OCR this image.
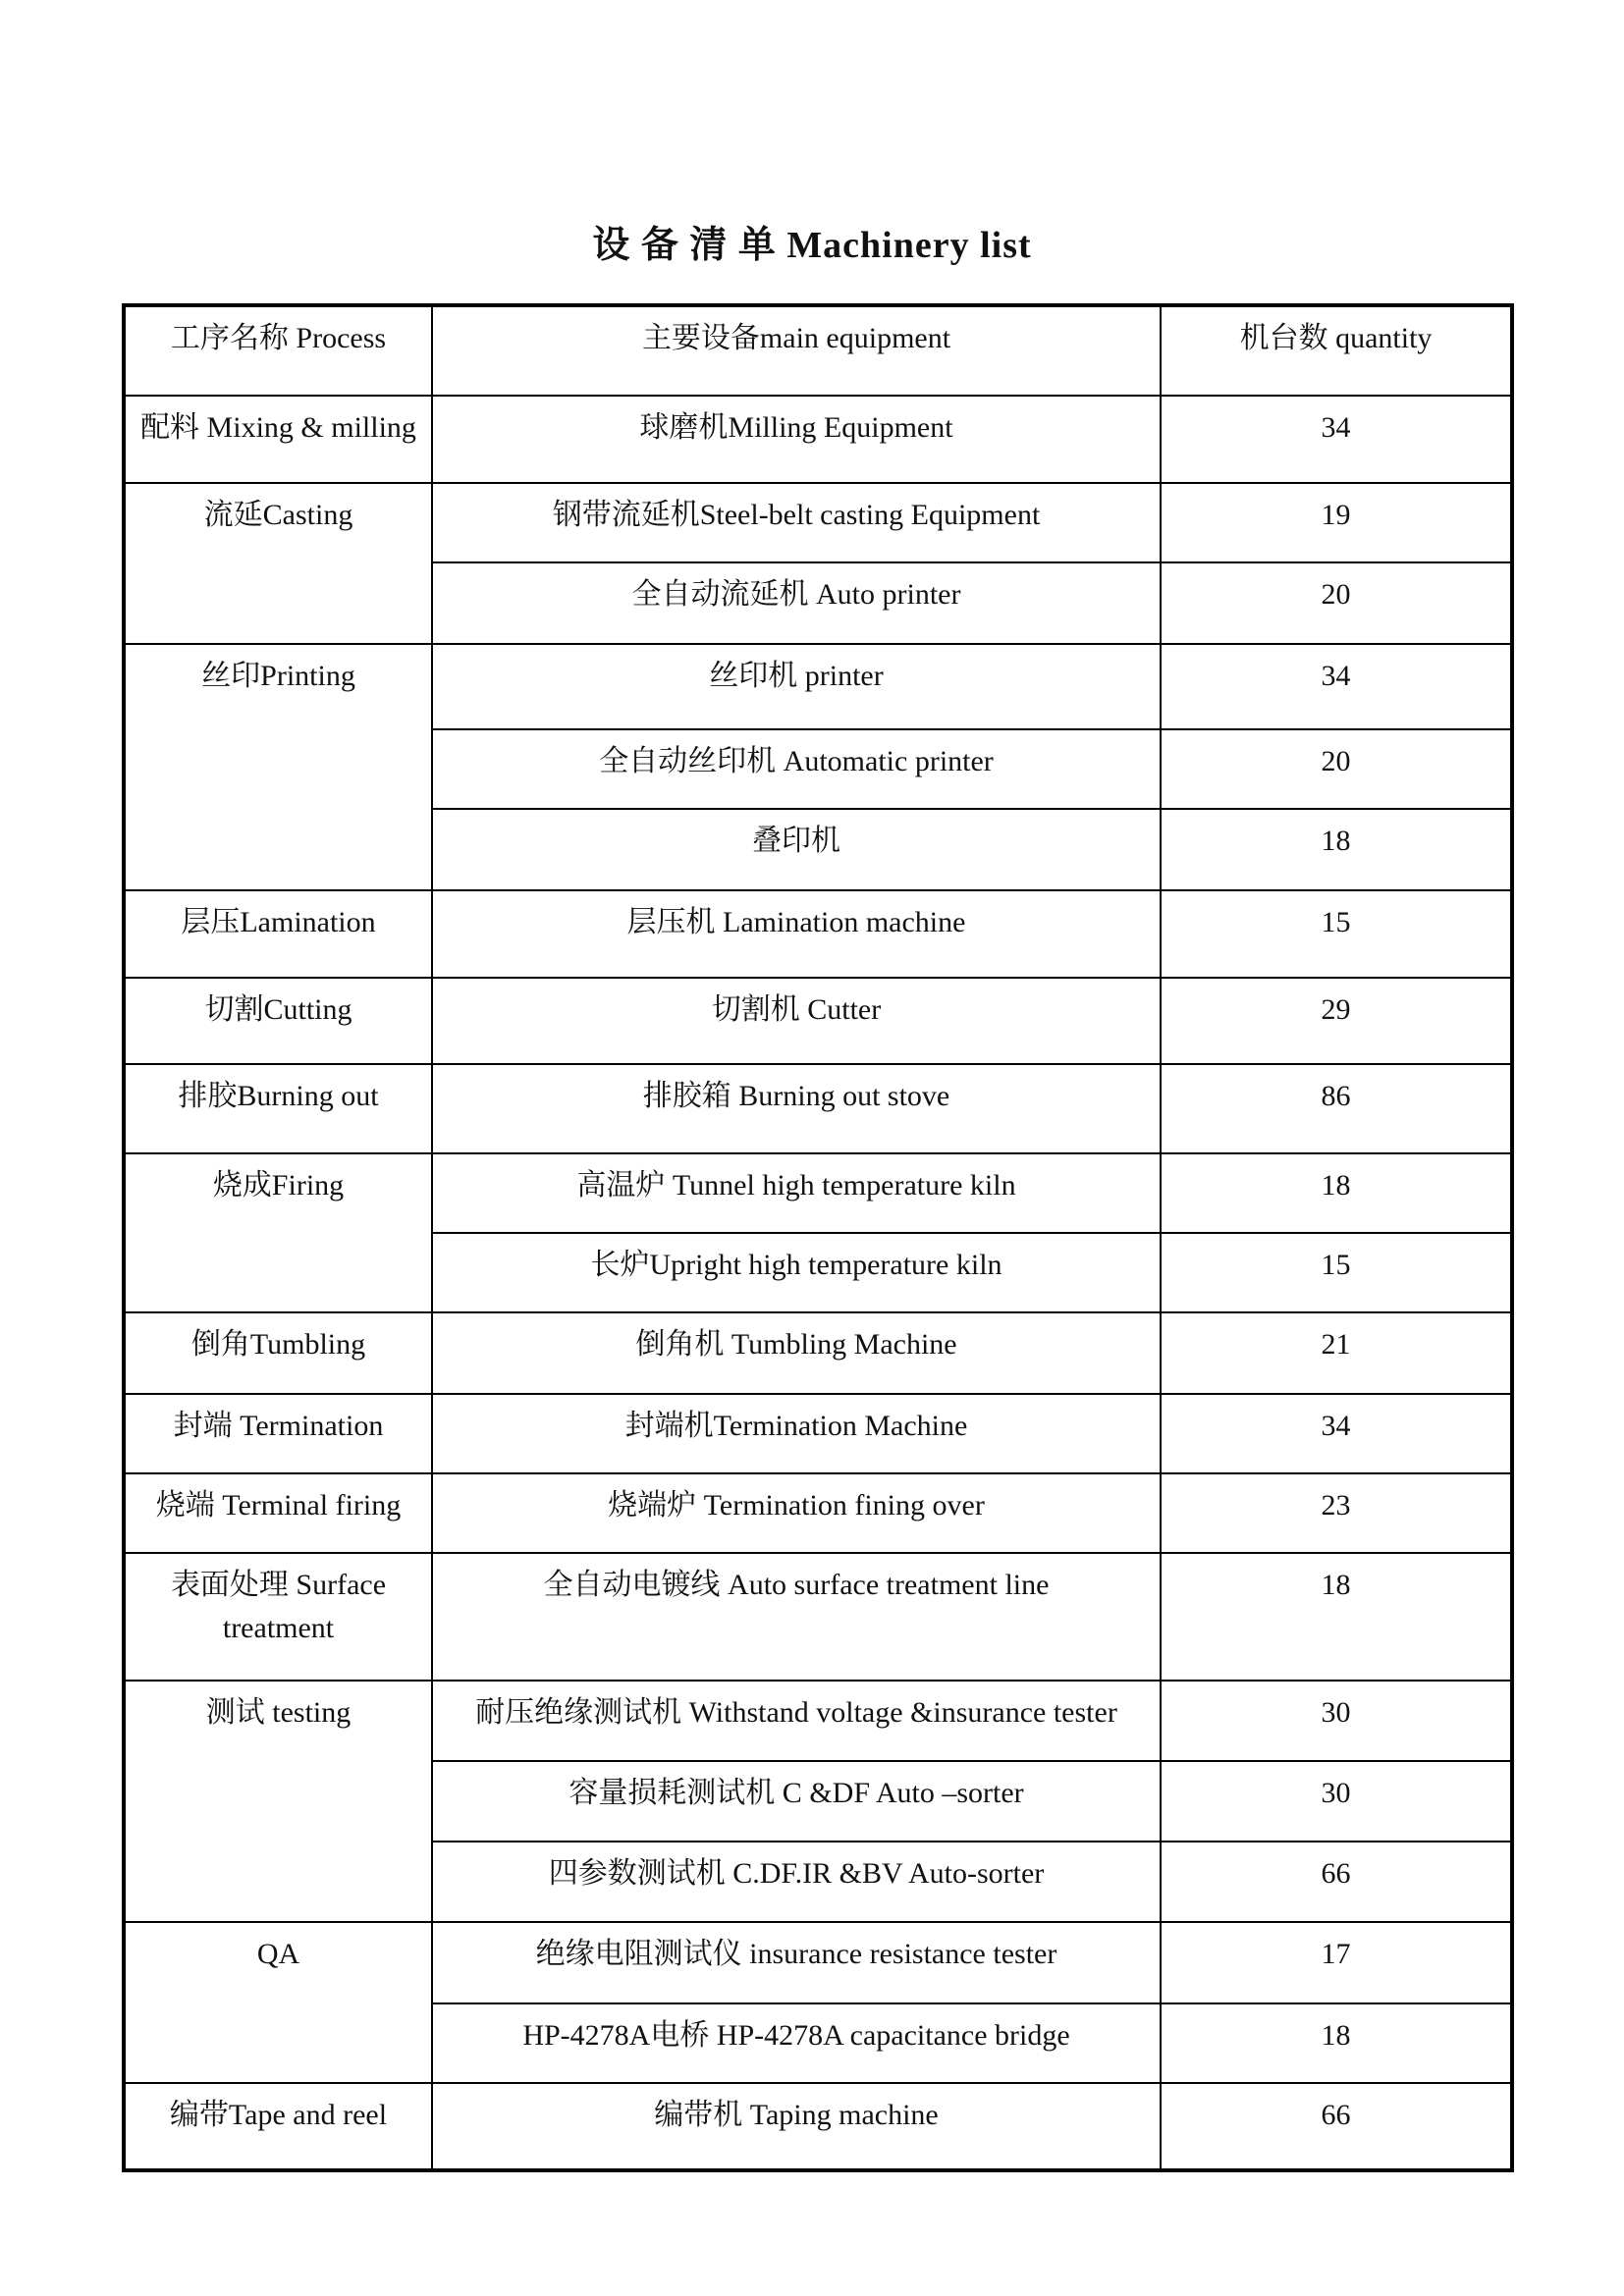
设 备 清 单 Machinery list
工序名称 Process	主要设备main equipment	机台数 quantity

配料 Mixing & milling	球磨机Milling Equipment	34

流延Casting	钢带流延机Steel-belt casting Equipment	19

	全自动流延机 Auto printer	20

丝印Printing	丝印机 printer	34

	全自动丝印机 Automatic printer	20

	叠印机	18

层压Lamination	层压机 Lamination machine	15

切割Cutting	切割机 Cutter	29

排胶Burning out	排胶箱 Burning out stove	86

烧成Firing	高温炉 Tunnel high temperature kiln	18

	长炉Upright high temperature kiln	15

倒角Tumbling	倒角机 Tumbling Machine	21

封端 Termination	封端机Termination Machine	34

烧端 Terminal firing	烧端炉 Termination fining over	23

表面处理 Surface treatment	全自动电镀线 Auto surface treatment line	18

测试 testing	耐压绝缘测试机 Withstand voltage &insurance tester	30

	容量损耗测试机 C &DF Auto –sorter	30

	四参数测试机 C.DF.IR &BV Auto-sorter	66

QA	绝缘电阻测试仪 insurance resistance tester	17

	HP-4278A电桥 HP-4278A capacitance bridge	18

编带Tape and reel	编带机 Taping machine	66
